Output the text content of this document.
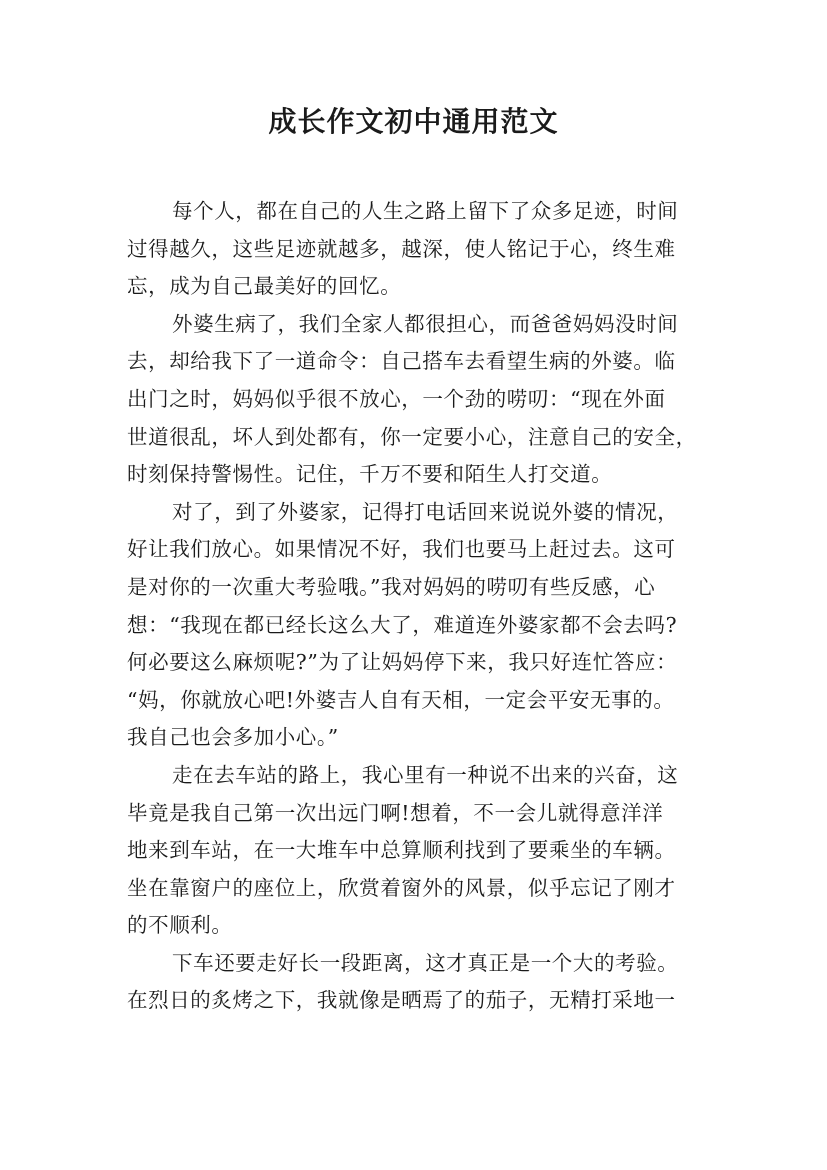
成长作文初中通用范文
每个人，都在自己的人生之路上留下了众多足迹，时间
过得越久，这些足迹就越多，越深，使人铭记于心，终生难
忘，成为自己最美好的回忆。
外婆生病了，我们全家人都很担心，而爸爸妈妈没时间
去，却给我下了一道命令：自己搭车去看望生病的外婆。临
出门之时，妈妈似乎很不放心，一个劲的唠叨：“现在外面
世道很乱，坏人到处都有，你一定要小心，注意自己的安全，
时刻保持警惕性。记住，千万不要和陌生人打交道。
对了，到了外婆家，记得打电话回来说说外婆的情况，
好让我们放心。如果情况不好，我们也要马上赶过去。这可
是对你的一次重大考验哦。”我对妈妈的唠叨有些反感，心
想：“我现在都已经长这么大了，难道连外婆家都不会去吗?
何必要这么麻烦呢?”为了让妈妈停下来，我只好连忙答应：
“妈，你就放心吧!外婆吉人自有天相，一定会平安无事的。
我自己也会多加小心。”
走在去车站的路上，我心里有一种说不出来的兴奋，这
毕竟是我自己第一次出远门啊!想着，不一会儿就得意洋洋
地来到车站，在一大堆车中总算顺利找到了要乘坐的车辆。
坐在靠窗户的座位上，欣赏着窗外的风景，似乎忘记了刚才
的不顺利。
下车还要走好长一段距离，这才真正是一个大的考验。
在烈日的炙烤之下，我就像是晒焉了的茄子，无精打采地一
